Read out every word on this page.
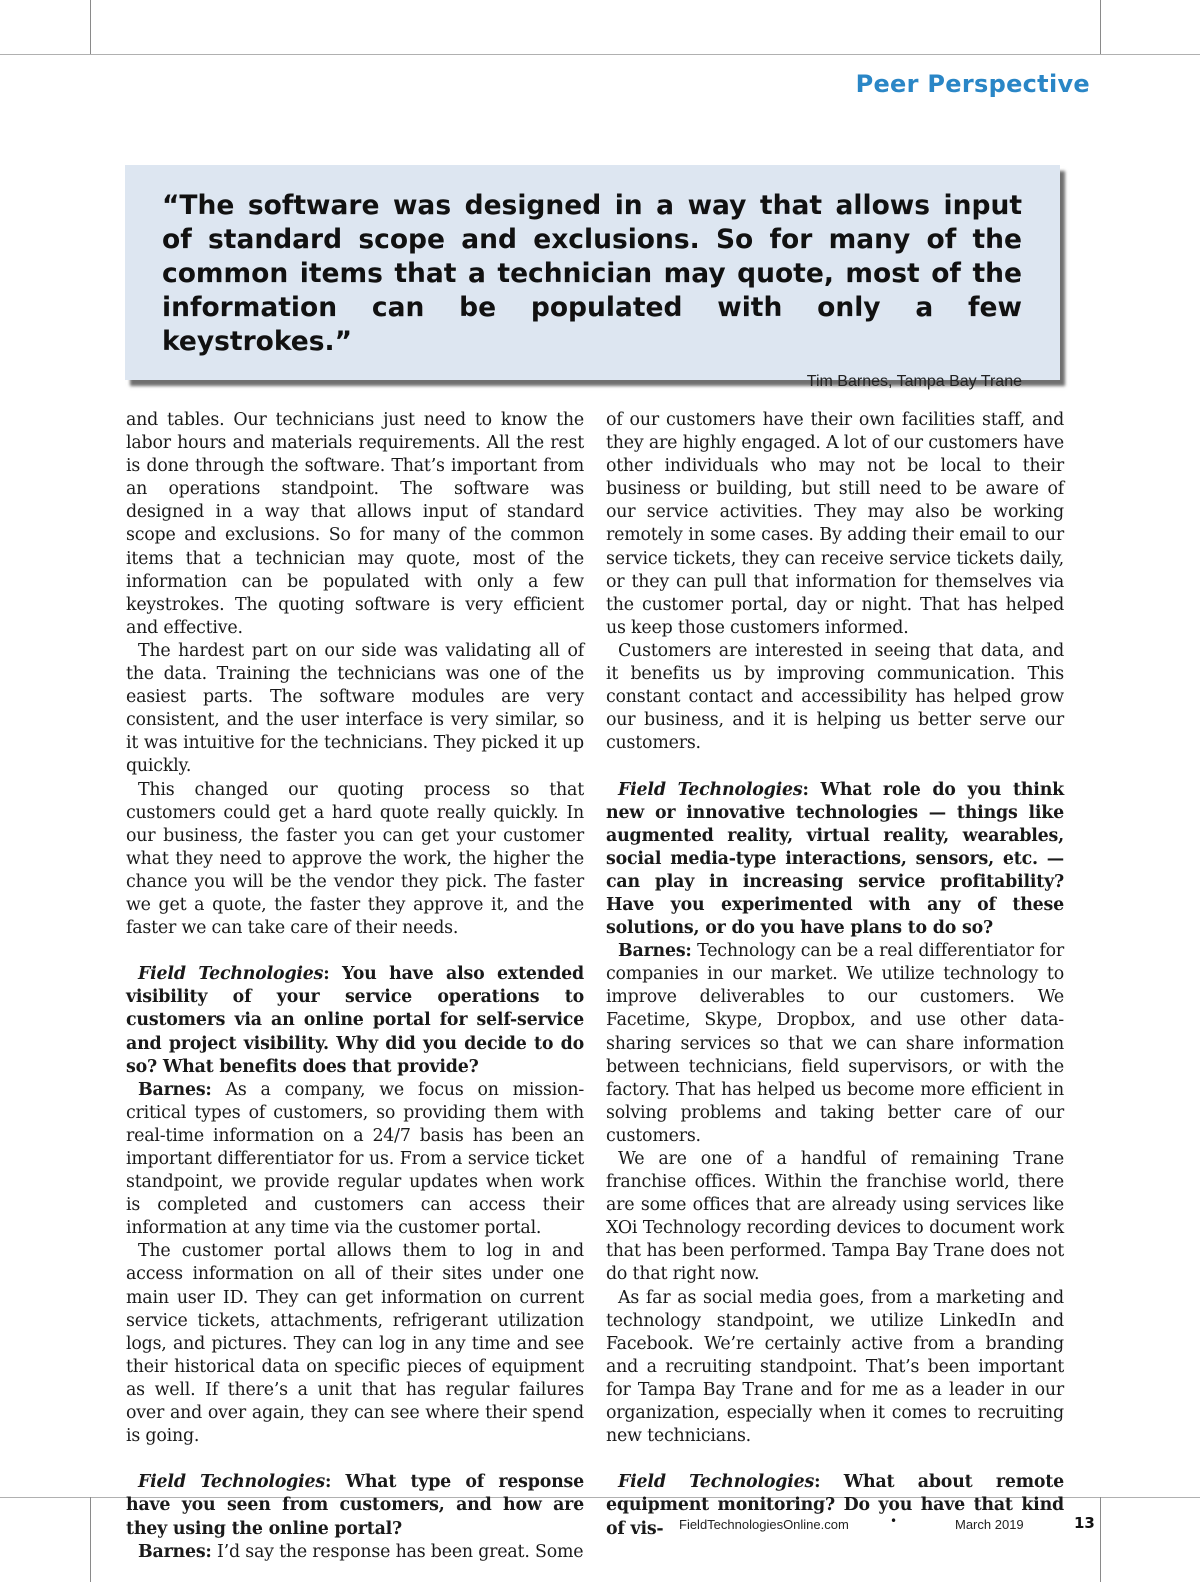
Peer Perspective
“The software was designed in a way that allows input of standard scope and exclusions. So for many of the common items that a technician may quote, most of the information can be populated with only a few keystrokes.”
Tim Barnes, Tampa Bay Trane

and tables. Our technicians just need to know the labor hours and materials requirements. All the rest is done through the software. That’s important from an operations standpoint. The software was designed in a way that allows input of standard scope and exclusions. So for many of the common items that a technician may quote, most of the information can be populated with only a few keystrokes. The quoting software is very efficient and effective.

The hardest part on our side was validating all of the data. Training the technicians was one of the easiest parts. The software modules are very consistent, and the user interface is very similar, so it was intuitive for the technicians. They picked it up quickly.

This changed our quoting process so that customers could get a hard quote really quickly. In our business, the faster you can get your customer what they need to approve the work, the higher the chance you will be the vendor they pick. The faster we get a quote, the faster they approve it, and the faster we can take care of their needs.

Field Technologies: You have also extended visibility of your service operations to customers via an online portal for self-service and project visibility. Why did you decide to do so? What benefits does that provide?

Barnes: As a company, we focus on mission-critical types of customers, so providing them with real-time information on a 24/7 basis has been an important differentiator for us. From a service ticket standpoint, we provide regular updates when work is completed and customers can access their information at any time via the customer portal.

The customer portal allows them to log in and access information on all of their sites under one main user ID. They can get information on current service tickets, attachments, refrigerant utilization logs, and pictures. They can log in any time and see their historical data on specific pieces of equipment as well. If there’s a unit that has regular failures over and over again, they can see where their spend is going.

Field Technologies: What type of response have you seen from customers, and how are they using the online portal?

Barnes: I’d say the response has been great. Some

of our customers have their own facilities staff, and they are highly engaged. A lot of our customers have other individuals who may not be local to their business or building, but still need to be aware of our service activities. They may also be working remotely in some cases. By adding their email to our service tickets, they can receive service tickets daily, or they can pull that information for themselves via the customer portal, day or night. That has helped us keep those customers informed.

Customers are interested in seeing that data, and it benefits us by improving communication. This constant contact and accessibility has helped grow our business, and it is helping us better serve our customers.

Field Technologies: What role do you think new or innovative technologies — things like augmented reality, virtual reality, wearables, social media-type interactions, sensors, etc. — can play in increasing service profitability? Have you experimented with any of these solutions, or do you have plans to do so?

Barnes: Technology can be a real differentiator for companies in our market. We utilize technology to improve deliverables to our customers. We Facetime, Skype, Dropbox, and use other data-sharing services so that we can share information between technicians, field supervisors, or with the factory. That has helped us become more efficient in solving problems and taking better care of our customers.

We are one of a handful of remaining Trane franchise offices. Within the franchise world, there are some offices that are already using services like XOi Technology recording devices to document work that has been performed. Tampa Bay Trane does not do that right now.

As far as social media goes, from a marketing and technology standpoint, we utilize LinkedIn and Facebook. We’re certainly active from a branding and a recruiting standpoint. That’s been important for Tampa Bay Trane and for me as a leader in our organization, especially when it comes to recruiting new technicians.

Field Technologies: What about remote equipment monitoring? Do you have that kind of vis-	FieldTechnologiesOnline.com	•	March 2019	13
